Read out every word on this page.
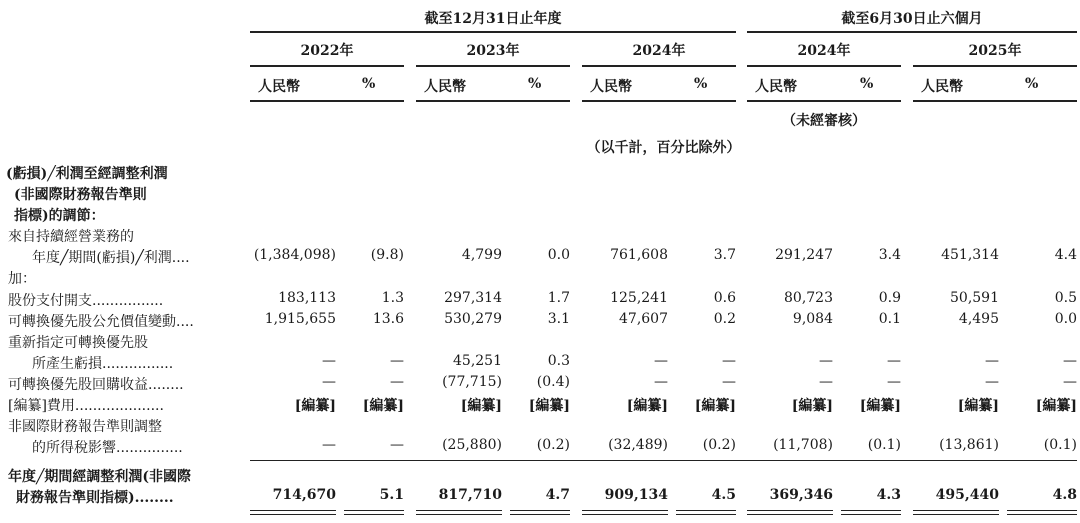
截至12月31日止年度	截至6月30日止六個月
2022年	2023年	2024年	2024年	2025年
人民幣	%	人民幣	%	人民幣	%	人民幣	%	人民幣	%
（未經審核）
（以千計，百分比除外）
(虧損)╱利潤至經調整利潤
(非國際財務報告準則
指標)的調節：
來自持續經營業務的
年度╱期間(虧損)╱利潤....	(1,384,098)	(9.8)	4,799	0.0	761,608	3.7	291,247	3.4	451,314	4.4
加：
股份支付開支................	183,113	1.3	297,314	1.7	125,241	0.6	80,723	0.9	50,591	0.5
可轉換優先股公允價值變動....	1,915,655	13.6	530,279	3.1	47,607	0.2	9,084	0.1	4,495	0.0
重新指定可轉換優先股
所產生虧損................	—	—	45,251	0.3	—	—	—	—	—	—
可轉換優先股回購收益........	—	—	(77,715)	(0.4)	—	—	—	—	—	—
[編纂]費用....................	[編纂]	[編纂]	[編纂]	[編纂]	[編纂]	[編纂]	[編纂]	[編纂]	[編纂]	[編纂]
非國際財務報告準則調整
的所得稅影響...............	—	—	(25,880)	(0.2)	(32,489)	(0.2)	(11,708)	(0.1)	(13,861)	(0.1)
年度╱期間經調整利潤(非國際
財務報告準則指標)........	714,670	5.1	817,710	4.7	909,134	4.5	369,346	4.3	495,440	4.8
